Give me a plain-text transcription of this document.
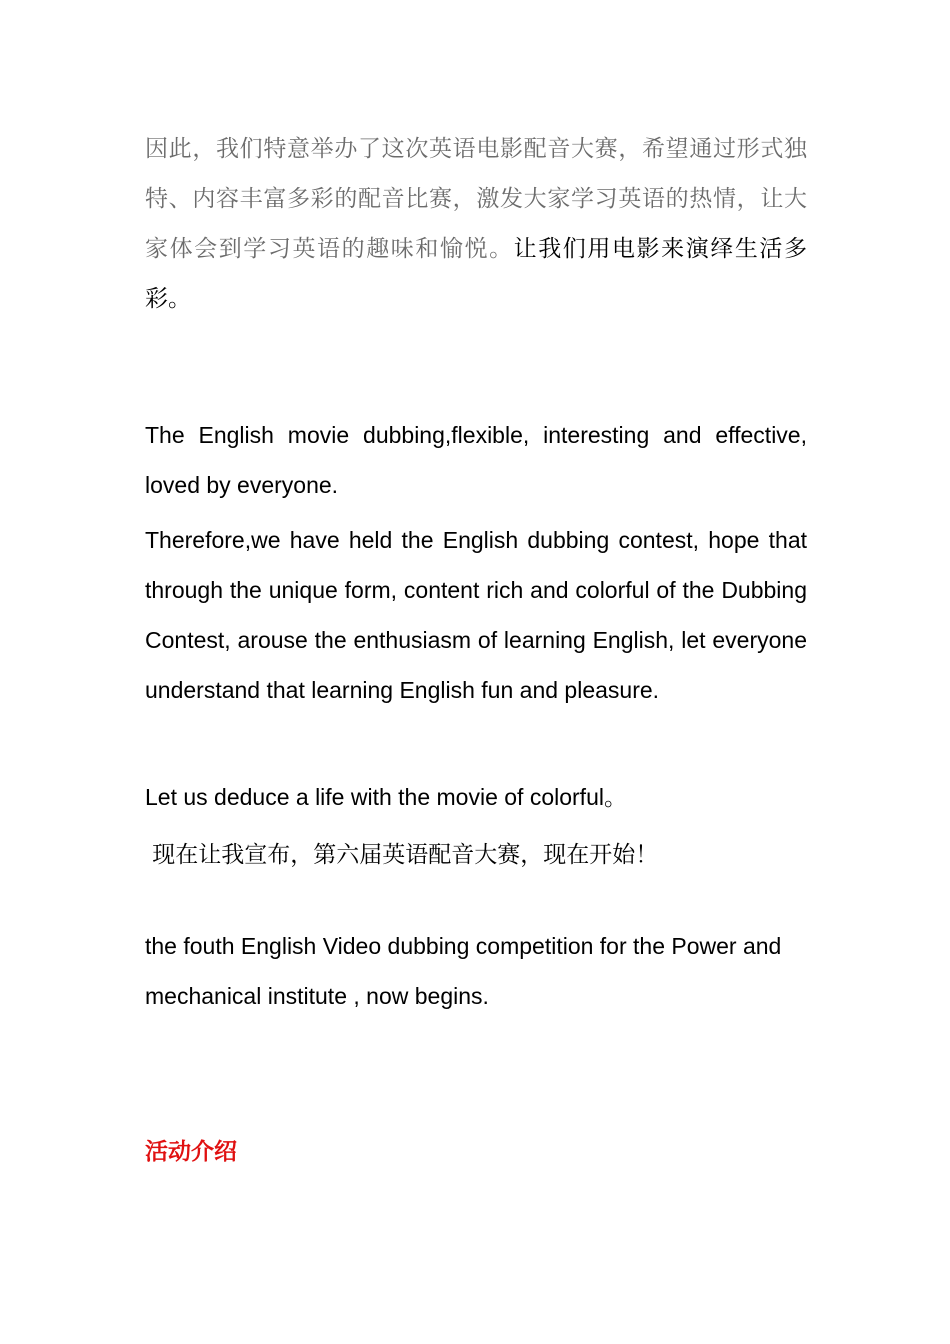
因此，我们特意举办了这次英语电影配音大赛，希望通过形式独特、内容丰富多彩的配音比赛，激发大家学习英语的热情，让大家体会到学习英语的趣味和愉悦。让我们用电影来演绎生活多彩。

The English movie dubbing,flexible, interesting and effective, loved by everyone.

Therefore,we have held the English dubbing contest, hope that through the unique form, content rich and colorful of the Dubbing Contest, arouse the enthusiasm of learning English, let everyone understand that learning English fun and pleasure.

Let us deduce a life with the movie of colorful。

现在让我宣布，第六届英语配音大赛，现在开始！

the fouth English Video dubbing competition for the Power and mechanical institute , now begins.

活动介绍
